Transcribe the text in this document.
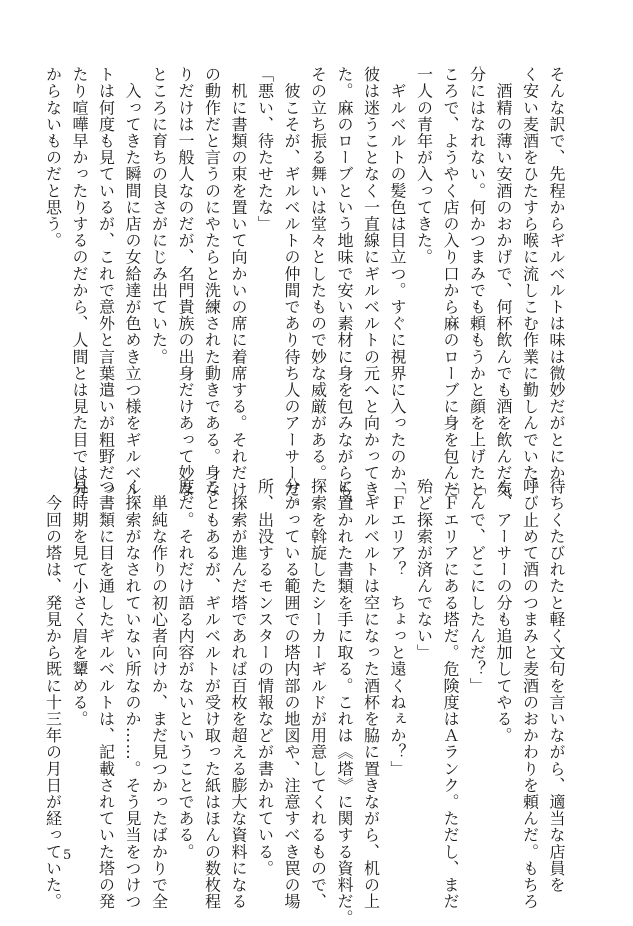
そんな訳で、先程からギルベルトは味は微妙だがとにか
く安い麦酒をひたすら喉に流しこむ作業に勤しんでいた。
　酒精の薄い安酒のおかげで、何杯飲んでも酒を飲んだ気
分にはなれない。何かつまみでも頼もうかと顔を上げたと
ころで、ようやく店の入り口から麻のローブに身を包んだ
一人の青年が入ってきた。
　ギルベルトの髪色は目立つ。すぐに視界に入ったのか、
彼は迷うことなく一直線にギルベルトの元へと向かってき
た。麻のローブという地味で安い素材に身を包みながらも、
その立ち振る舞いは堂々としたもので妙な威厳がある。
　彼こそが、ギルベルトの仲間であり待ち人のアーサーだ。
「悪い、待たせたな」
　机に書類の束を置いて向かいの席に着席する。それだけ
の動作だと言うのにやたらと洗練された動きである。身な
りだけは一般人なのだが、名門貴族の出身だけあって妙な
ところに育ちの良さがにじみ出ていた。
　入ってきた瞬間に店の女給達が色めき立つ様をギルベル
トは何度も見ているが、これで意外と言葉遣いが粗野だっ
たり喧嘩早かったりするのだから、人間とは見た目では分
からないものだと思う。
待ちくたびれたと軽く文句を言いながら、適当な店員を
呼び止めて酒のつまみと麦酒のおかわりを頼んだ。もちろ
ん、アーサーの分も追加してやる。
「んで、どこにしたんだ？」
「Ｆエリアにある塔だ。危険度はＡランク。ただし、まだ
殆ど探索が済んでない」
「Ｆエリア？　ちょっと遠くねぇか？」
　ギルベルトは空になった酒杯を脇に置きながら、机の上
に置かれた書類を手に取る。これは《塔》に関する資料だ。
探索を斡旋したシーカーギルドが用意してくれるもので、
分かっている範囲での塔内部の地図や、注意すべき罠の場
所、出没するモンスターの情報などが書かれている。
　探索が進んだ塔であれば百枚を超える膨大な資料になる
こともあるが、ギルベルトが受け取った紙はほんの数枚程
度だ。それだけ語る内容がないということである。
　単純な作りの初心者向けか、まだ見つかったばかりで全
く探索がなされていない所なのか……。そう見当をつけつ
つ書類に目を通したギルベルトは、記載されていた塔の発
見時期を見て小さく眉を顰める。
　今回の塔は、発見から既に十三年の月日が経っていた。 5
